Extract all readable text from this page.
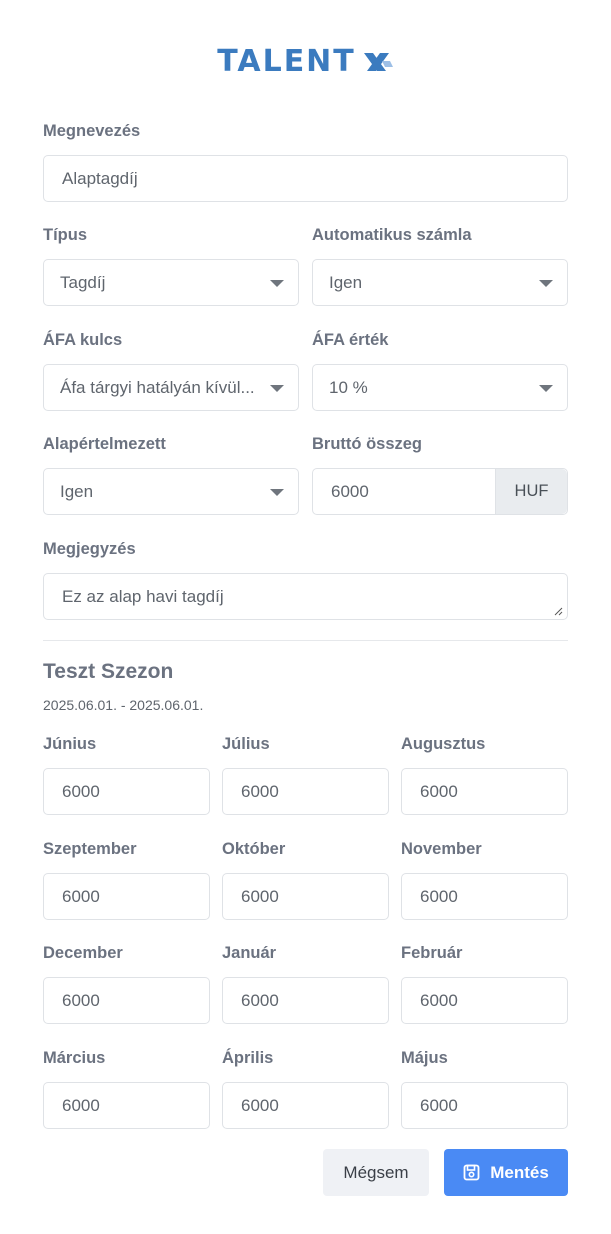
TALENT
Megnevezés
Alaptagdíj
Típus
Tagdíj
Automatikus számla
Igen
ÁFA kulcs
Áfa tárgyi hatályán kívül...
ÁFA érték
10 %
Alapértelmezett
Igen
Bruttó összeg
6000	HUF
Megjegyzés
Ez az alap havi tagdíj
Teszt Szezon
2025.06.01. - 2025.06.01.
Június
6000
Július
6000
Augusztus
6000
Szeptember
6000
Október
6000
November
6000
December
6000
Január
6000
Február
6000
Március
6000
Április
6000
Május
6000
Mégsem	Mentés
